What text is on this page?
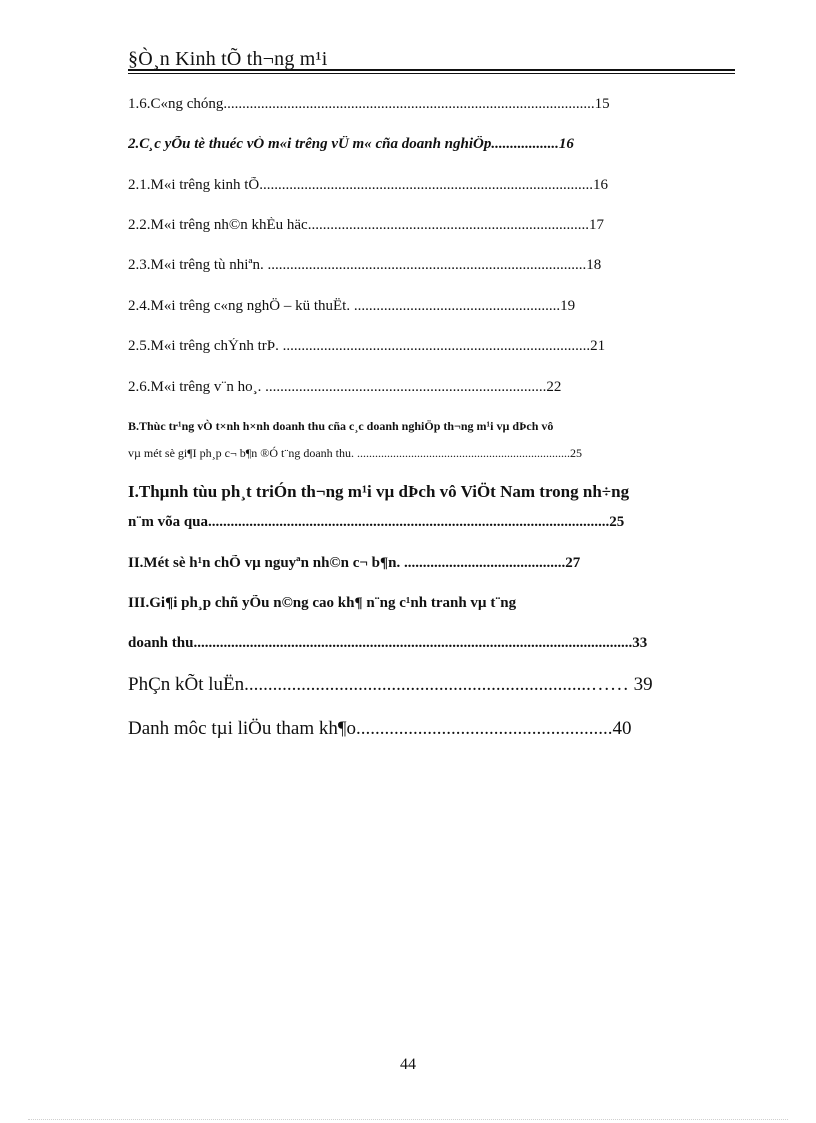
§Ò¸n Kinh tÕ th¬ng m¹i
1.6.C«ng chóng...................................................................................................15
2.C¸c yÕu tè thuéc vÒ m«i trêng vÜ m« cña doanh nghiÖp..................16
2.1.M«i trêng kinh tÕ.........................................................................................16
2.2.M«i trêng nh©n khÈu häc...........................................................................17
2.3.M«i trêng tù nhiªn. .....................................................................................18
2.4.M«i trêng c«ng nghÖ – kü thuËt. .......................................................19
2.5.M«i trêng chÝnh trÞ. ..................................................................................21
2.6.M«i trêng v¨n ho¸. ...........................................................................22
B.Thùc tr¹ng vÒ t×nh h×nh doanh thu cña c¸c doanh nghiÖp th¬ng m¹i vµ dÞch vô
vµ mét sè gi¶I ph¸p c¬ b¶n ®Ó t¨ng doanh thu. .......................................................................25
I.Thµnh tùu ph¸t triÓn th¬ng m¹i vµ dÞch vô ViÖt Nam trong nh÷ng
n¨m võa qua...........................................................................................................25
II.Mét sè h¹n chÕ vµ nguyªn nh©n c¬ b¶n. ...........................................27
III.Gi¶i ph¸p chñ yÕu n©ng cao kh¶ n¨ng c¹nh tranh vµ t¨ng
doanh thu.....................................................................................................................33
PhÇn kÕt luËn.........................................................................…… 39
Danh môc tµi liÖu tham kh¶o......................................................40
44
